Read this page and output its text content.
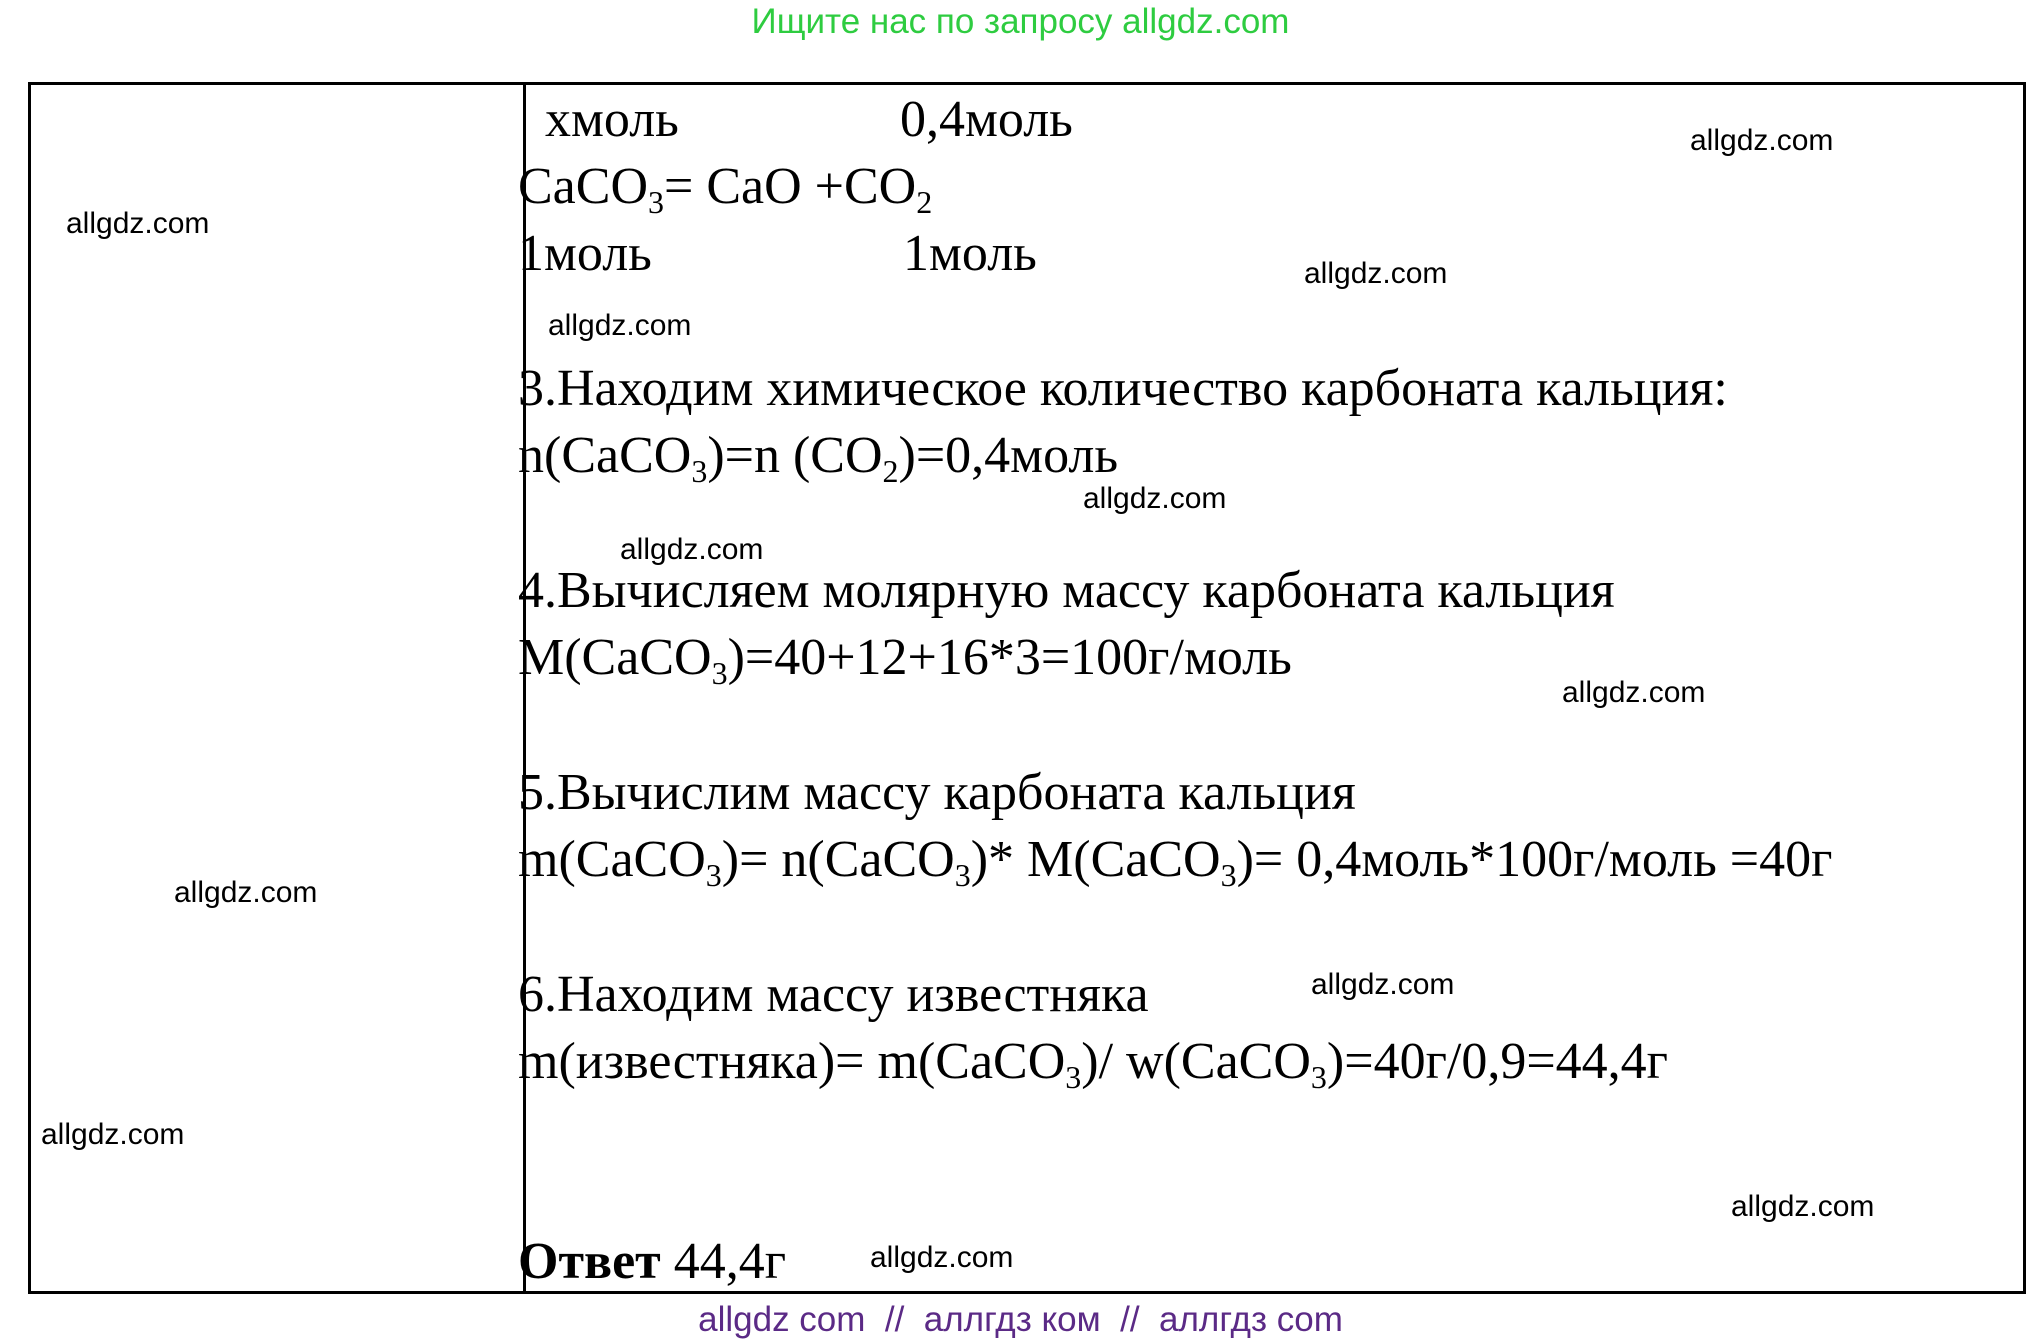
Ищите нас по запросу allgdz.com
хмоль	0,4моль
CaCO$_3$= CaO $+CO_2$
1моль	1моль
3.Находим химическое количество карбоната кальция:
n(CaCO$_3$)=n $(CO_2)=0,4моль$
4.Вычисляем молярную массу карбоната кальция
M(CaCO$_3$)=40+12+16*3=100г/моль
5.Вычислим массу карбоната кальция
m(CaCO$_3$)= n(CaCO$_3$)* M(CaCO$_3$)= 0,4моль*100г/моль =40г
6.Находим массу известняка
m(известняка)= m(CaCO$_3$)/ w(CaCO$_3$)=40г/0,9=44,4г
Ответ 44,4г
allgdz.com
allgdz.com
allgdz.com
allgdz.com
allgdz.com
allgdz.com
allgdz.com
allgdz.com
allgdz.com
allgdz.com
allgdz.com
allgdz.com
allgdz com  //  аллгдз ком  //  аллгдз com
